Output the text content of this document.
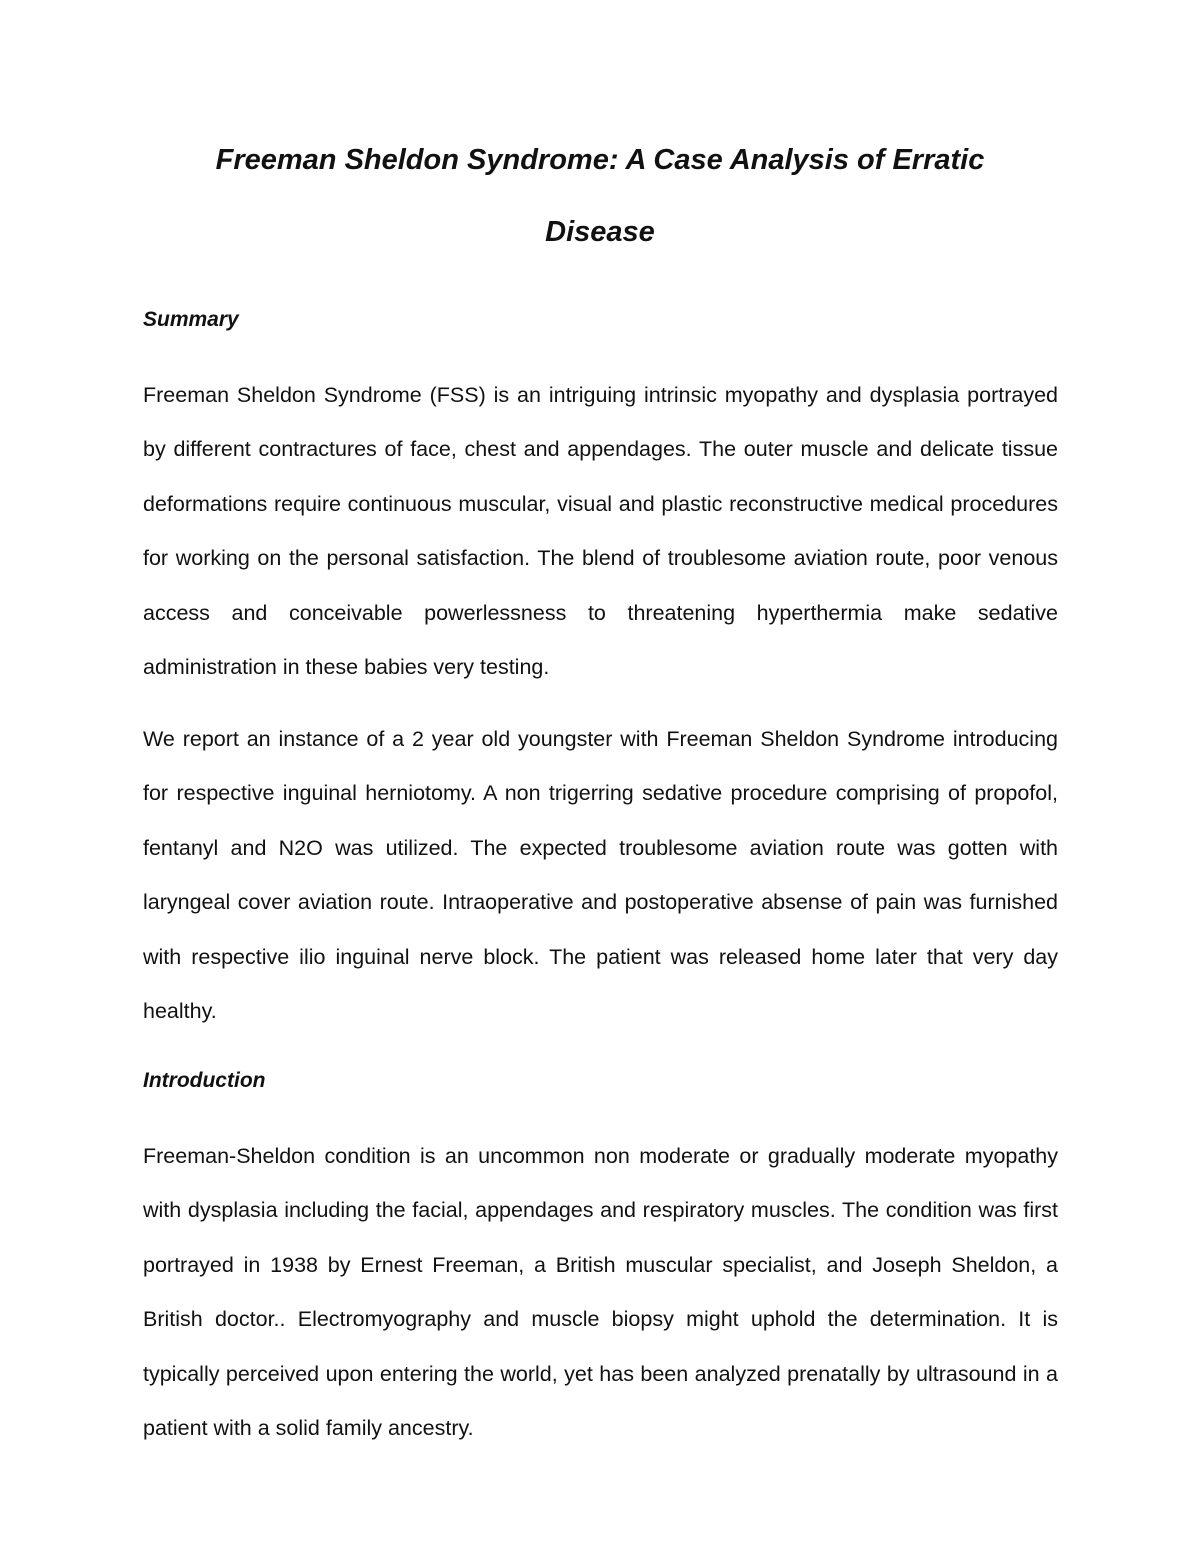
Freeman Sheldon Syndrome: A Case Analysis of Erratic

Disease

Summary

Freeman Sheldon Syndrome (FSS) is an intriguing intrinsic myopathy and dysplasia portrayed by different contractures of face, chest and appendages. The outer muscle and delicate tissue deformations require continuous muscular, visual and plastic reconstructive medical procedures for working on the personal satisfaction. The blend of troublesome aviation route, poor venous access and conceivable powerlessness to threatening hyperthermia make sedative administration in these babies very testing.

We report an instance of a 2 year old youngster with Freeman Sheldon Syndrome introducing for respective inguinal herniotomy. A non trigerring sedative procedure comprising of propofol, fentanyl and N2O was utilized. The expected troublesome aviation route was gotten with laryngeal cover aviation route. Intraoperative and postoperative absense of pain was furnished with respective ilio inguinal nerve block. The patient was released home later that very day healthy.

Introduction

Freeman-Sheldon condition is an uncommon non moderate or gradually moderate myopathy with dysplasia including the facial, appendages and respiratory muscles. The condition was first portrayed in 1938 by Ernest Freeman, a British muscular specialist, and Joseph Sheldon, a British doctor.. Electromyography and muscle biopsy might uphold the determination. It is typically perceived upon entering the world, yet has been analyzed prenatally by ultrasound in a patient with a solid family ancestry.
